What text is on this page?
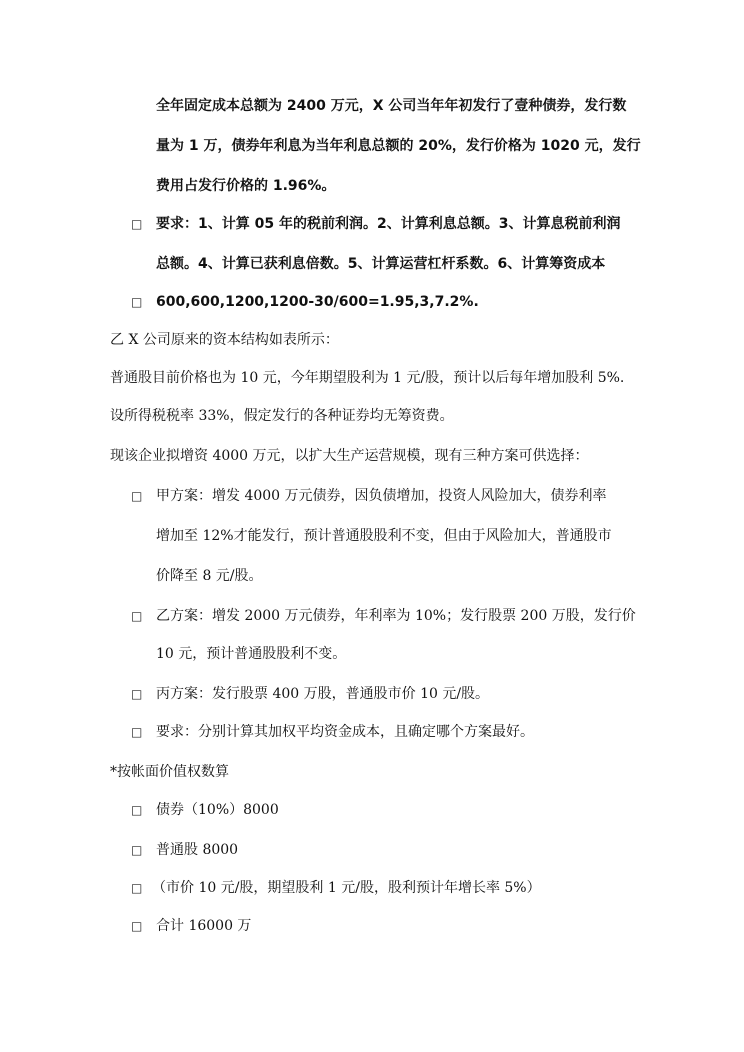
全年固定成本总额为 2400 万元，X 公司当年年初发行了壹种债券，发行数
量为 1 万，债券年利息为当年利息总额的 20%，发行价格为 1020 元，发行
费用占发行价格的 1.96%。
□ 要求：1、计算 05 年的税前利润。2、计算利息总额。3、计算息税前利润
总额。4、计算已获利息倍数。5、计算运营杠杆系数。6、计算筹资成本
□ 600,600,1200,1200-30/600=1.95,3,7.2%.
乙 X 公司原来的资本结构如表所示：
普通股目前价格也为 10 元，今年期望股利为 1 元/股，预计以后每年增加股利 5%.
设所得税税率 33%，假定发行的各种证券均无筹资费。
现该企业拟增资 4000 万元，以扩大生产运营规模，现有三种方案可供选择：
□ 甲方案：增发 4000 万元债券，因负债增加，投资人风险加大，债券利率
增加至 12%才能发行，预计普通股股利不变，但由于风险加大，普通股市
价降至 8 元/股。
□ 乙方案：增发 2000 万元债券，年利率为 10%；发行股票 200 万股，发行价
10 元，预计普通股股利不变。
□ 丙方案：发行股票 400 万股，普通股市价 10 元/股。
□ 要求：分别计算其加权平均资金成本，且确定哪个方案最好。
*按帐面价值权数算
□ 债券（10%）8000
□ 普通股 8000
□ （市价 10 元/股，期望股利 1 元/股，股利预计年增长率 5%）
□ 合计 16000 万
